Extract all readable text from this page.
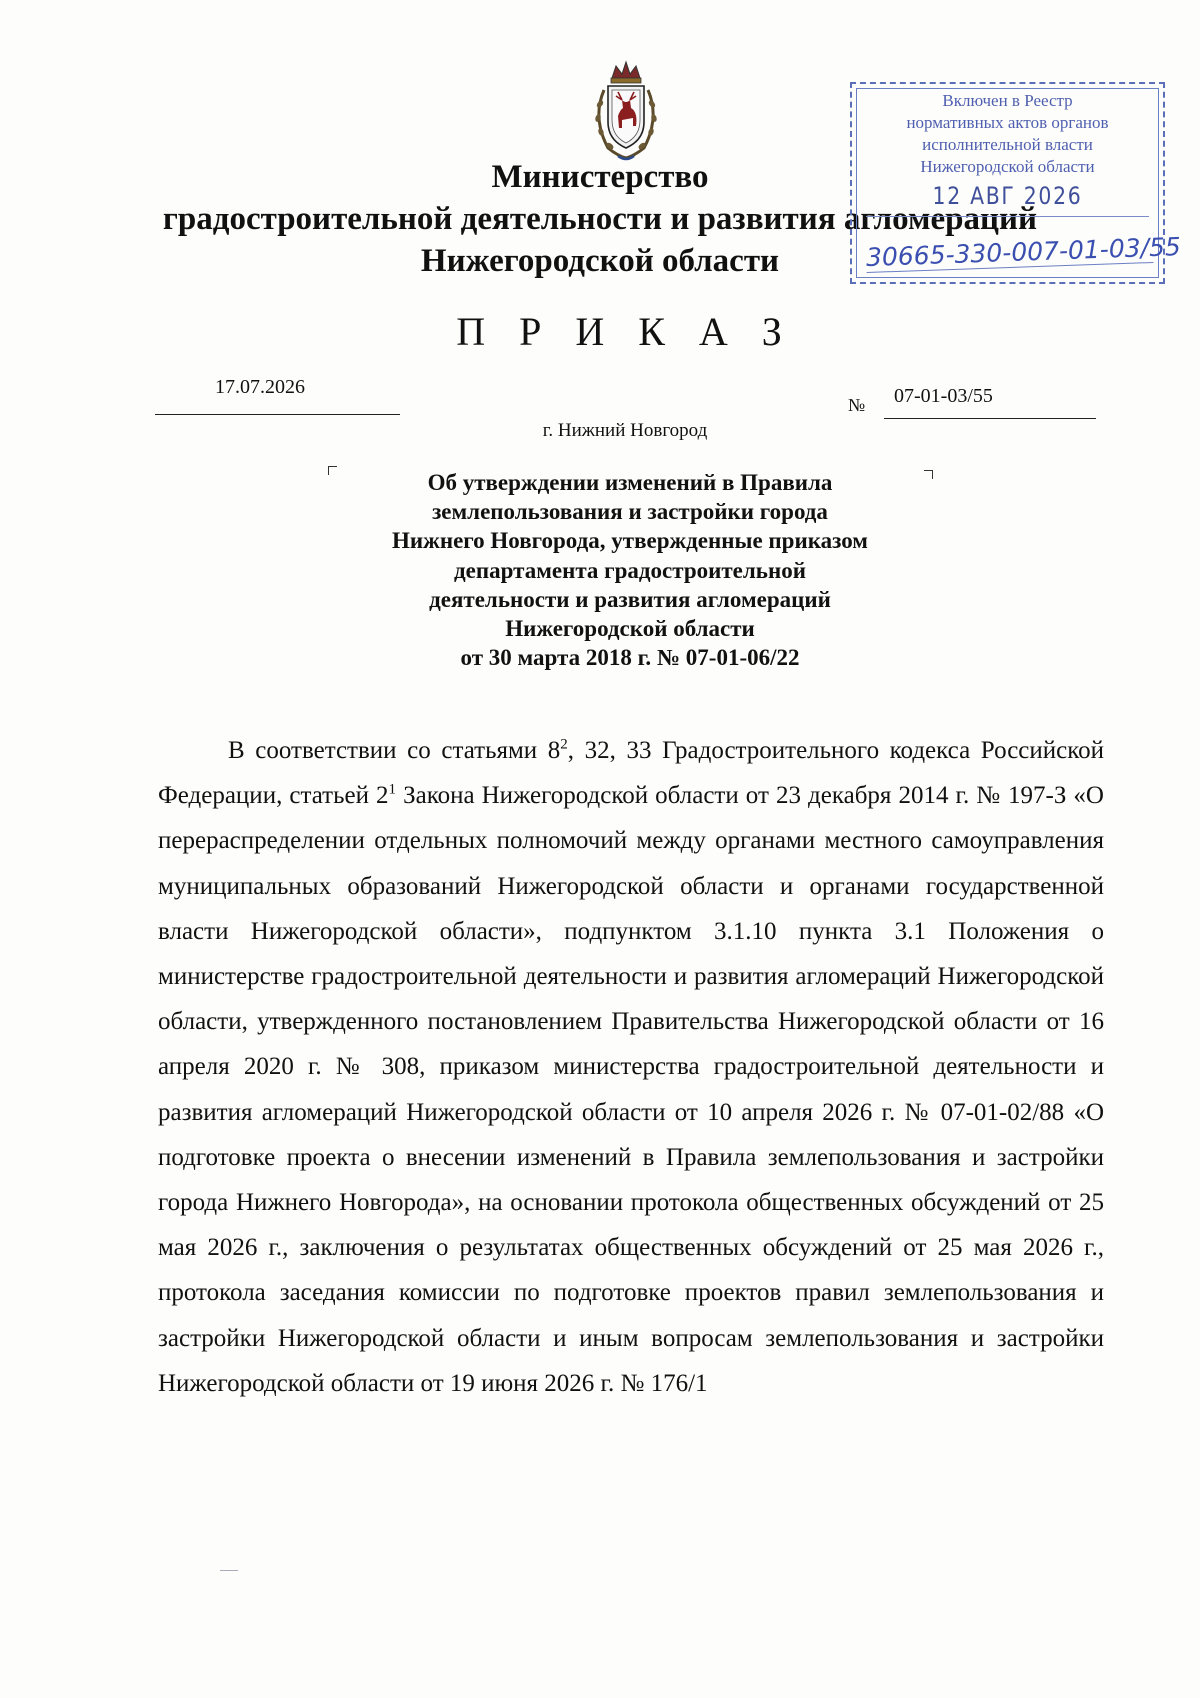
Министерство
градостроительной деятельности и развития агломераций
Нижегородской области
Включен в Реестр
нормативных актов органов
исполнительной власти
Нижегородской области
12 АВГ 2026
30665-330-007-01-03/55
П Р И К А З
17.07.2026
№ 07-01-03/55
г. Нижний Новгород
Об утверждении изменений в Правила
землепользования и застройки города
Нижнего Новгорода, утвержденные приказом
департамента градостроительной
деятельности и развития агломераций
Нижегородской области
от 30 марта 2018 г. № 07-01-06/22
В соответствии со статьями $8^2$, 32, 33 Градостроительного кодекса Российской Федерации, статьей $2^1$ Закона Нижегородской области от 23 декабря 2014 г. № 197-З «О перераспределении отдельных полномочий между органами местного самоуправления муниципальных образований Нижегородской области и органами государственной власти Нижегородской области», подпунктом 3.1.10 пункта 3.1 Положения о министерстве градостроительной деятельности и развития агломераций Нижегородской области, утвержденного постановлением Правительства Нижегородской области от 16 апреля 2020 г. № 308, приказом министерства градостроительной деятельности и развития агломераций Нижегородской области от 10 апреля 2026 г. № 07-01-02/88 «О подготовке проекта о внесении изменений в Правила землепользования и застройки города Нижнего Новгорода», на основании протокола общественных обсуждений от 25 мая 2026 г., заключения о результатах общественных обсуждений от 25 мая 2026 г., протокола заседания комиссии по подготовке проектов правил землепользования и застройки Нижегородской области и иным вопросам землепользования и застройки Нижегородской области от 19 июня 2026 г. № 176/1
